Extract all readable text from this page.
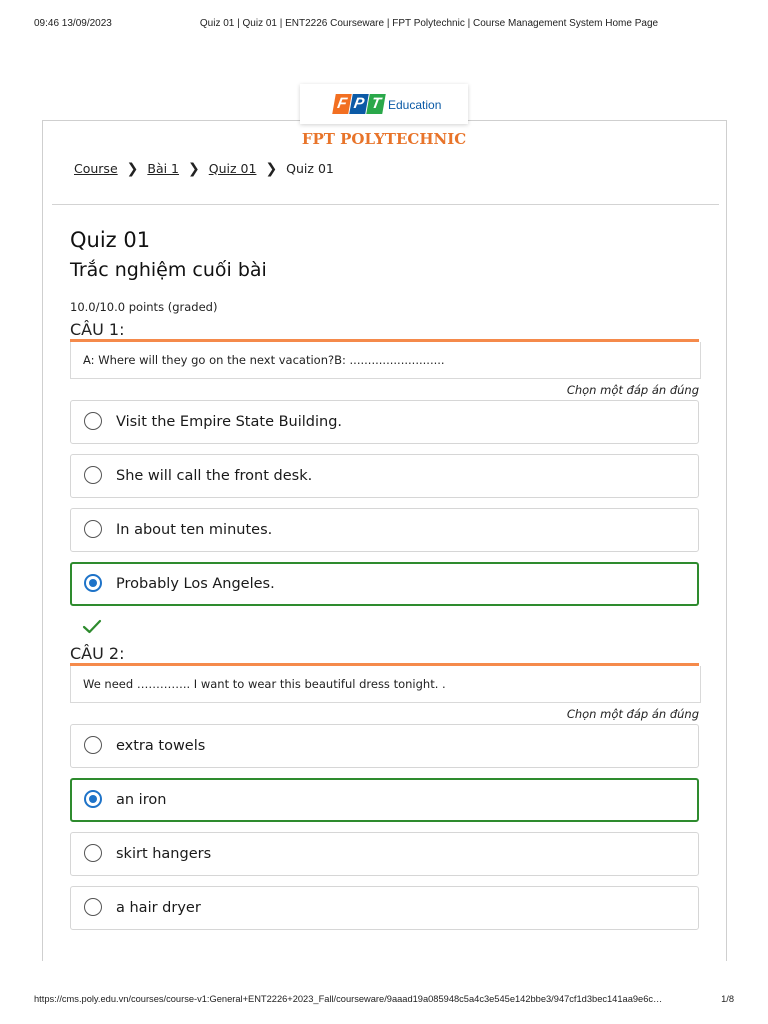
09:46 13/09/2023	Quiz 01 | Quiz 01 | ENT2226 Courseware | FPT Polytechnic | Course Management System Home Page
F P T Education
FPT POLYTECHNIC
Course ❯ Bài 1 ❯ Quiz 01 ❯ Quiz 01
Quiz 01
Trắc nghiệm cuối bài
10.0/10.0 points (graded)
CÂU 1:
A: Where will they go on the next vacation?B: ..........................
Chọn một đáp án đúng
Visit the Empire State Building.
She will call the front desk.
In about ten minutes.
Probably Los Angeles.
CÂU 2:
We need ………….. I want to wear this beautiful dress tonight. .
Chọn một đáp án đúng
extra towels
an iron
skirt hangers
a hair dryer
https://cms.poly.edu.vn/courses/course-v1:General+ENT2226+2023_Fall/courseware/9aaad19a085948c5a4c3e545e142bbe3/947cf1d3bec141aa9e6c…	1/8
